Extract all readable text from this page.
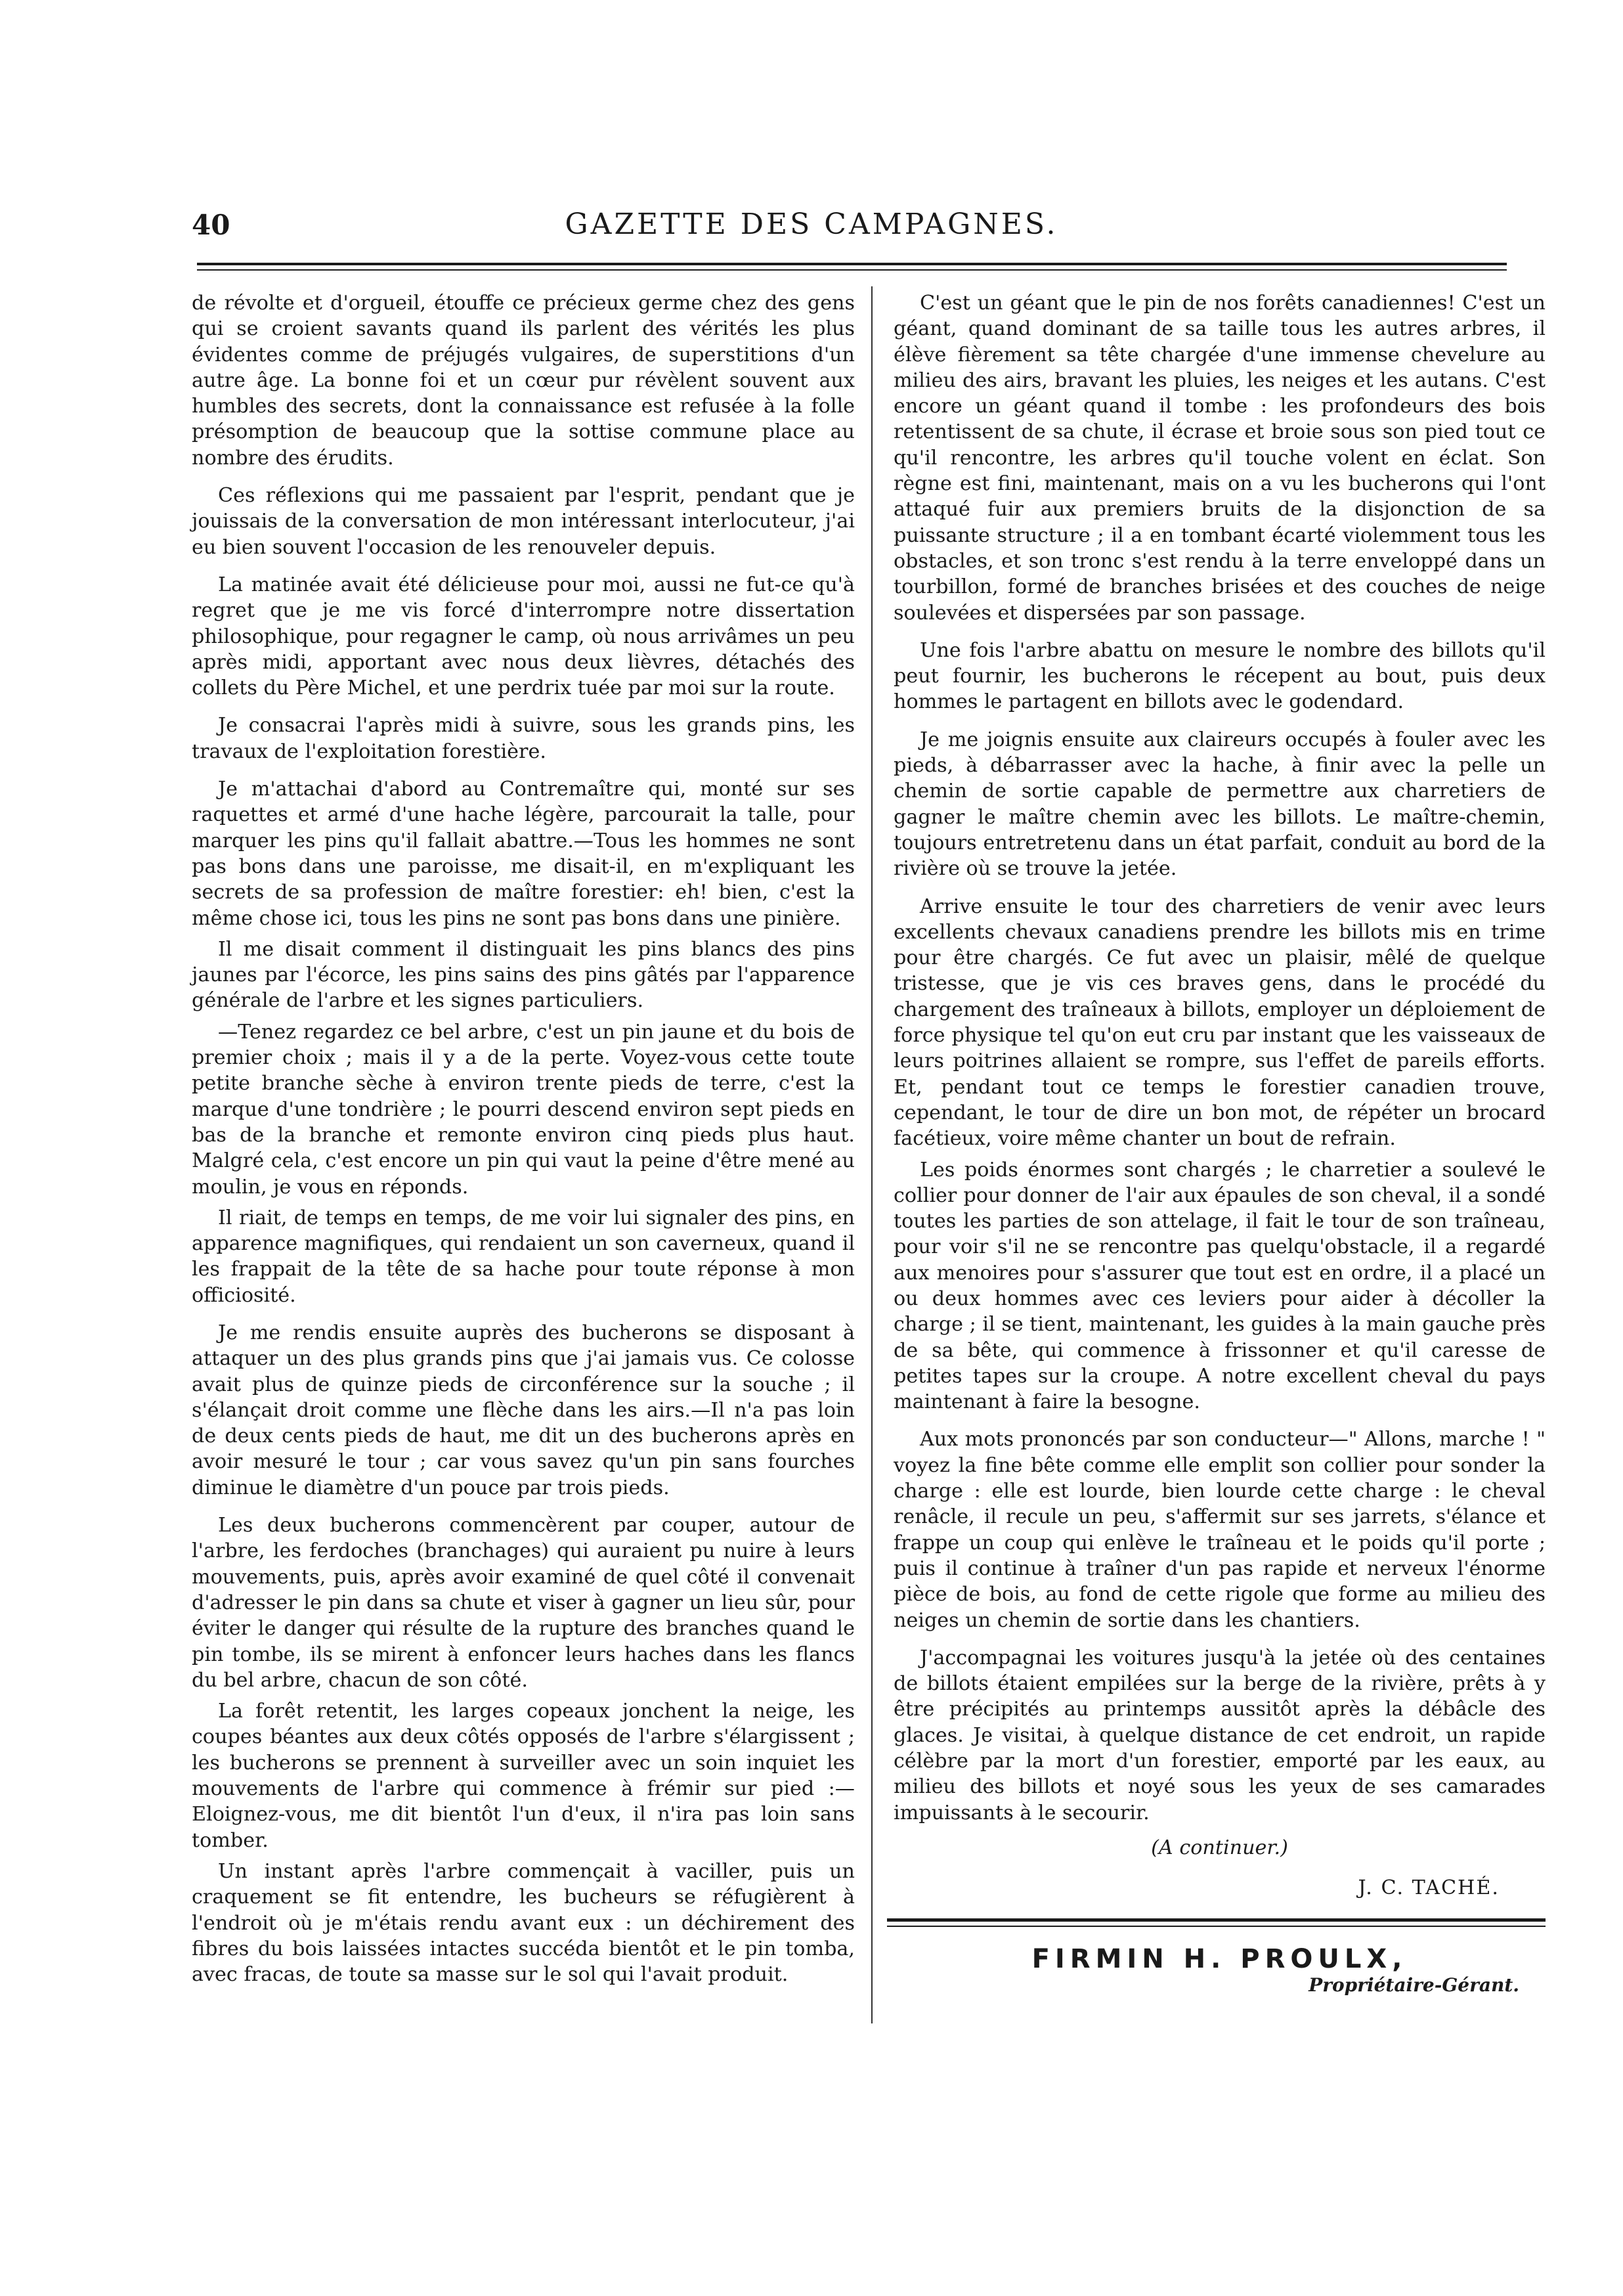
40	GAZETTE DES CAMPAGNES.

de révolte et d'orgueil, étouffe ce précieux germe chez des gens qui se croient savants quand ils parlent des vérités les plus évidentes comme de préjugés vulgaires, de superstitions d'un autre âge. La bonne foi et un cœur pur révèlent souvent aux humbles des secrets, dont la connaissance est refusée à la folle présomption de beaucoup que la sottise commune place au nombre des érudits.

Ces réflexions qui me passaient par l'esprit, pendant que je jouissais de la conversation de mon intéressant interlocuteur, j'ai eu bien souvent l'occasion de les renouveler depuis.

La matinée avait été délicieuse pour moi, aussi ne fut-ce qu'à regret que je me vis forcé d'interrompre notre dissertation philosophique, pour regagner le camp, où nous arrivâmes un peu après midi, apportant avec nous deux lièvres, détachés des collets du Père Michel, et une perdrix tuée par moi sur la route.

Je consacrai l'après midi à suivre, sous les grands pins, les travaux de l'exploitation forestière.

Je m'attachai d'abord au Contremaître qui, monté sur ses raquettes et armé d'une hache légère, parcourait la talle, pour marquer les pins qu'il fallait abattre.—Tous les hommes ne sont pas bons dans une paroisse, me disait-il, en m'expliquant les secrets de sa profession de maître forestier: eh! bien, c'est la même chose ici, tous les pins ne sont pas bons dans une pinière.

Il me disait comment il distinguait les pins blancs des pins jaunes par l'écorce, les pins sains des pins gâtés par l'apparence générale de l'arbre et les signes particuliers.

—Tenez regardez ce bel arbre, c'est un pin jaune et du bois de premier choix ; mais il y a de la perte. Voyez-vous cette toute petite branche sèche à environ trente pieds de terre, c'est la marque d'une tondrière ; le pourri descend environ sept pieds en bas de la branche et remonte environ cinq pieds plus haut. Malgré cela, c'est encore un pin qui vaut la peine d'être mené au moulin, je vous en réponds.

Il riait, de temps en temps, de me voir lui signaler des pins, en apparence magnifiques, qui rendaient un son caverneux, quand il les frappait de la tête de sa hache pour toute réponse à mon officiosité.

Je me rendis ensuite auprès des bucherons se disposant à attaquer un des plus grands pins que j'ai jamais vus. Ce colosse avait plus de quinze pieds de circonférence sur la souche ; il s'élançait droit comme une flèche dans les airs.—Il n'a pas loin de deux cents pieds de haut, me dit un des bucherons après en avoir mesuré le tour ; car vous savez qu'un pin sans fourches diminue le diamètre d'un pouce par trois pieds.

Les deux bucherons commencèrent par couper, autour de l'arbre, les ferdoches (branchages) qui auraient pu nuire à leurs mouvements, puis, après avoir examiné de quel côté il convenait d'adresser le pin dans sa chute et viser à gagner un lieu sûr, pour éviter le danger qui résulte de la rupture des branches quand le pin tombe, ils se mirent à enfoncer leurs haches dans les flancs du bel arbre, chacun de son côté.

La forêt retentit, les larges copeaux jonchent la neige, les coupes béantes aux deux côtés opposés de l'arbre s'élargissent ; les bucherons se prennent à surveiller avec un soin inquiet les mouvements de l'arbre qui commence à frémir sur pied :—Eloignez-vous, me dit bientôt l'un d'eux, il n'ira pas loin sans tomber.

Un instant après l'arbre commençait à vaciller, puis un craquement se fit entendre, les bucheurs se réfugièrent à l'endroit où je m'étais rendu avant eux : un déchirement des fibres du bois laissées intactes succéda bientôt et le pin tomba, avec fracas, de toute sa masse sur le sol qui l'avait produit.

C'est un géant que le pin de nos forêts canadiennes! C'est un géant, quand dominant de sa taille tous les autres arbres, il élève fièrement sa tête chargée d'une immense chevelure au milieu des airs, bravant les pluies, les neiges et les autans. C'est encore un géant quand il tombe : les profondeurs des bois retentissent de sa chute, il écrase et broie sous son pied tout ce qu'il rencontre, les arbres qu'il touche volent en éclat. Son règne est fini, maintenant, mais on a vu les bucherons qui l'ont attaqué fuir aux premiers bruits de la disjonction de sa puissante structure ; il a en tombant écarté violemment tous les obstacles, et son tronc s'est rendu à la terre enveloppé dans un tourbillon, formé de branches brisées et des couches de neige soulevées et dispersées par son passage.

Une fois l'arbre abattu on mesure le nombre des billots qu'il peut fournir, les bucherons le récepent au bout, puis deux hommes le partagent en billots avec le godendard.

Je me joignis ensuite aux claireurs occupés à fouler avec les pieds, à débarrasser avec la hache, à finir avec la pelle un chemin de sortie capable de permettre aux charretiers de gagner le maître chemin avec les billots. Le maître-chemin, toujours entretretenu dans un état parfait, conduit au bord de la rivière où se trouve la jetée.

Arrive ensuite le tour des charretiers de venir avec leurs excellents chevaux canadiens prendre les billots mis en trime pour être chargés. Ce fut avec un plaisir, mêlé de quelque tristesse, que je vis ces braves gens, dans le procédé du chargement des traîneaux à billots, employer un déploiement de force physique tel qu'on eut cru par instant que les vaisseaux de leurs poitrines allaient se rompre, sus l'effet de pareils efforts. Et, pendant tout ce temps le forestier canadien trouve, cependant, le tour de dire un bon mot, de répéter un brocard facétieux, voire même chanter un bout de refrain.

Les poids énormes sont chargés ; le charretier a soulevé le collier pour donner de l'air aux épaules de son cheval, il a sondé toutes les parties de son attelage, il fait le tour de son traîneau, pour voir s'il ne se rencontre pas quelqu'obstacle, il a regardé aux menoires pour s'assurer que tout est en ordre, il a placé un ou deux hommes avec ces leviers pour aider à décoller la charge ; il se tient, maintenant, les guides à la main gauche près de sa bête, qui commence à frissonner et qu'il caresse de petites tapes sur la croupe. A notre excellent cheval du pays maintenant à faire la besogne.

Aux mots prononcés par son conducteur—" Allons, marche ! " voyez la fine bête comme elle emplit son collier pour sonder la charge : elle est lourde, bien lourde cette charge : le cheval renâcle, il recule un peu, s'affermit sur ses jarrets, s'élance et frappe un coup qui enlève le traîneau et le poids qu'il porte ; puis il continue à traîner d'un pas rapide et nerveux l'énorme pièce de bois, au fond de cette rigole que forme au milieu des neiges un chemin de sortie dans les chantiers.

J'accompagnai les voitures jusqu'à la jetée où des centaines de billots étaient empilées sur la berge de la rivière, prêts à y être précipités au printemps aussitôt après la débâcle des glaces. Je visitai, à quelque distance de cet endroit, un rapide célèbre par la mort d'un forestier, emporté par les eaux, au milieu des billots et noyé sous les yeux de ses camarades impuissants à le secourir.

(A continuer.)
J. C. TACHÉ.
FIRMIN H. PROULX,
Propriétaire-Gérant.
